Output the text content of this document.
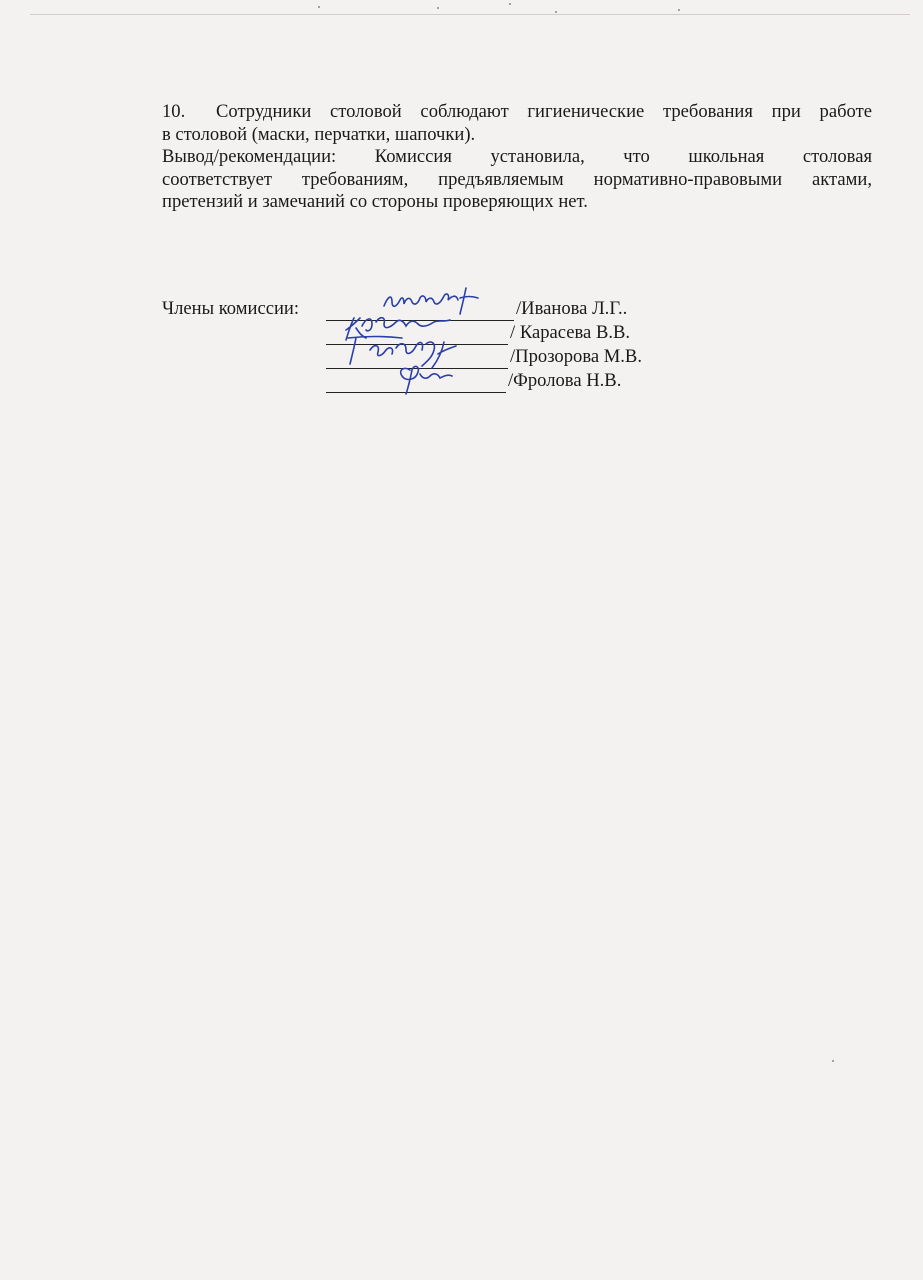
10.	Сотрудники столовой соблюдают гигиенические требования при работе

в столовой (маски, перчатки, шапочки).

Вывод/рекомендации: Комиссия установила, что школьная столовая

соответствует требованиям, предъявляемым нормативно-правовыми актами,

претензий и замечаний со стороны проверяющих нет.

Члены комиссии:	/Иванова Л.Г..
/ Карасева В.В.
/Прозорова М.В.
/Фролова Н.В.
